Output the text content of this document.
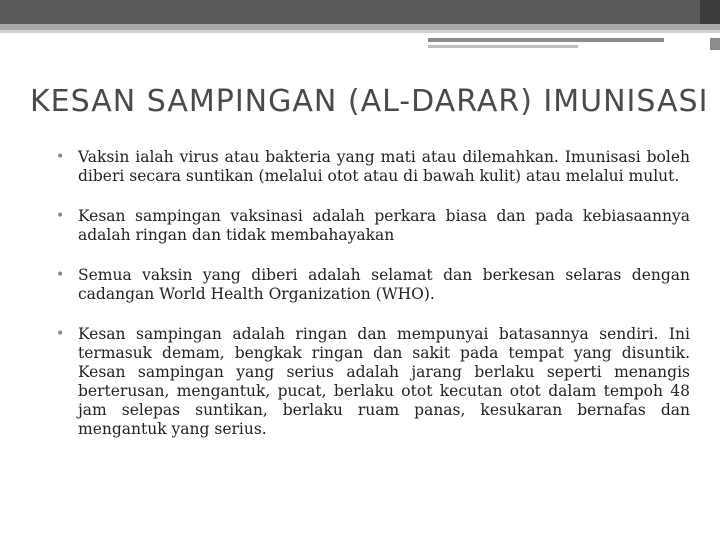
KESAN SAMPINGAN (AL-DARAR) IMUNISASI
• Vaksin ialah virus atau bakteria yang mati atau dilemahkan. Imunisasi boleh diberi secara suntikan (melalui otot atau di bawah kulit) atau melalui mulut.
• Kesan sampingan vaksinasi adalah perkara biasa dan pada kebiasaannya adalah ringan dan tidak membahayakan
• Semua vaksin yang diberi adalah selamat dan berkesan selaras dengan cadangan World Health Organization (WHO).
• Kesan sampingan adalah ringan dan mempunyai batasannya sendiri. Ini termasuk demam, bengkak ringan dan sakit pada tempat yang disuntik. Kesan sampingan yang serius adalah jarang berlaku seperti menangis berterusan, mengantuk, pucat, berlaku otot kecutan otot dalam tempoh 48 jam selepas suntikan, berlaku ruam panas, kesukaran bernafas dan mengantuk yang serius.
